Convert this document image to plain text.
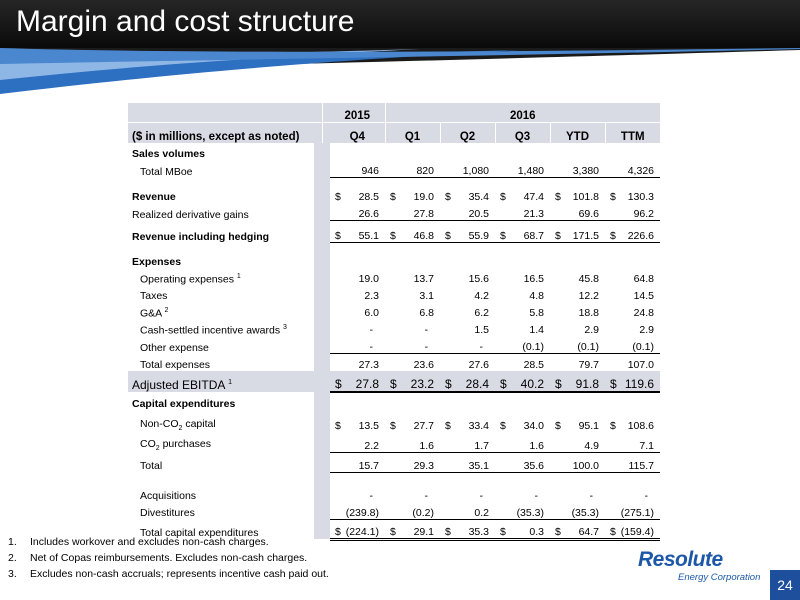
Margin and cost structure
			2015	2016				
($ in millions, except as noted)			Q4	Q1	Q2	Q3	YTD	TTM
Sales volumes								
Total MBoe			946	820	1,080	1,480	3,380	4,326

Revenue			$ 28.5	$ 19.0	$ 35.4	$ 47.4	$ 101.8	$ 130.3
Realized derivative gains			26.6	27.8	20.5	21.3	69.6	96.2
Revenue including hedging			$ 55.1	$ 46.8	$ 55.9	$ 68.7	$ 171.5	$ 226.6

Expenses								
Operating expenses $^1$			19.0	13.7	15.6	16.5	45.8	64.8
Taxes			2.3	3.1	4.2	4.8	12.2	14.5
G&A $^2$			6.0	6.8	6.2	5.8	18.8	24.8
Cash-settled incentive awards $^3$			-	-	1.5	1.4	2.9	2.9
Other expense			-	-	-	(0.1)	(0.1)	(0.1)
Total expenses			27.3	23.6	27.6	28.5	79.7	107.0
Adjusted EBITDA $^1$			$ 27.8	$ 23.2	$ 28.4	$ 40.2	$ 91.8	$ 119.6
Capital expenditures								
Non-$CO_2$ capital			$ 13.5	$ 27.7	$ 33.4	$ 34.0	$ 95.1	$ 108.6
$CO_2$ purchases			2.2	1.6	1.7	1.6	4.9	7.1
Total			15.7	29.3	35.1	35.6	100.0	115.7

Acquisitions			-	-	-	-	-	-
Divestitures			(239.8)	(0.2)	0.2	(35.3)	(35.3)	(275.1)
Total capital expenditures			$ (224.1)	$ 29.1	$ 35.3	$ 0.3	$ 64.7	$ (159.4)
1. Includes workover and excludes non-cash charges.
2. Net of Copas reimbursements. Excludes non-cash charges.
3. Excludes non-cash accruals; represents incentive cash paid out.
Resolute
Energy Corporation	24
